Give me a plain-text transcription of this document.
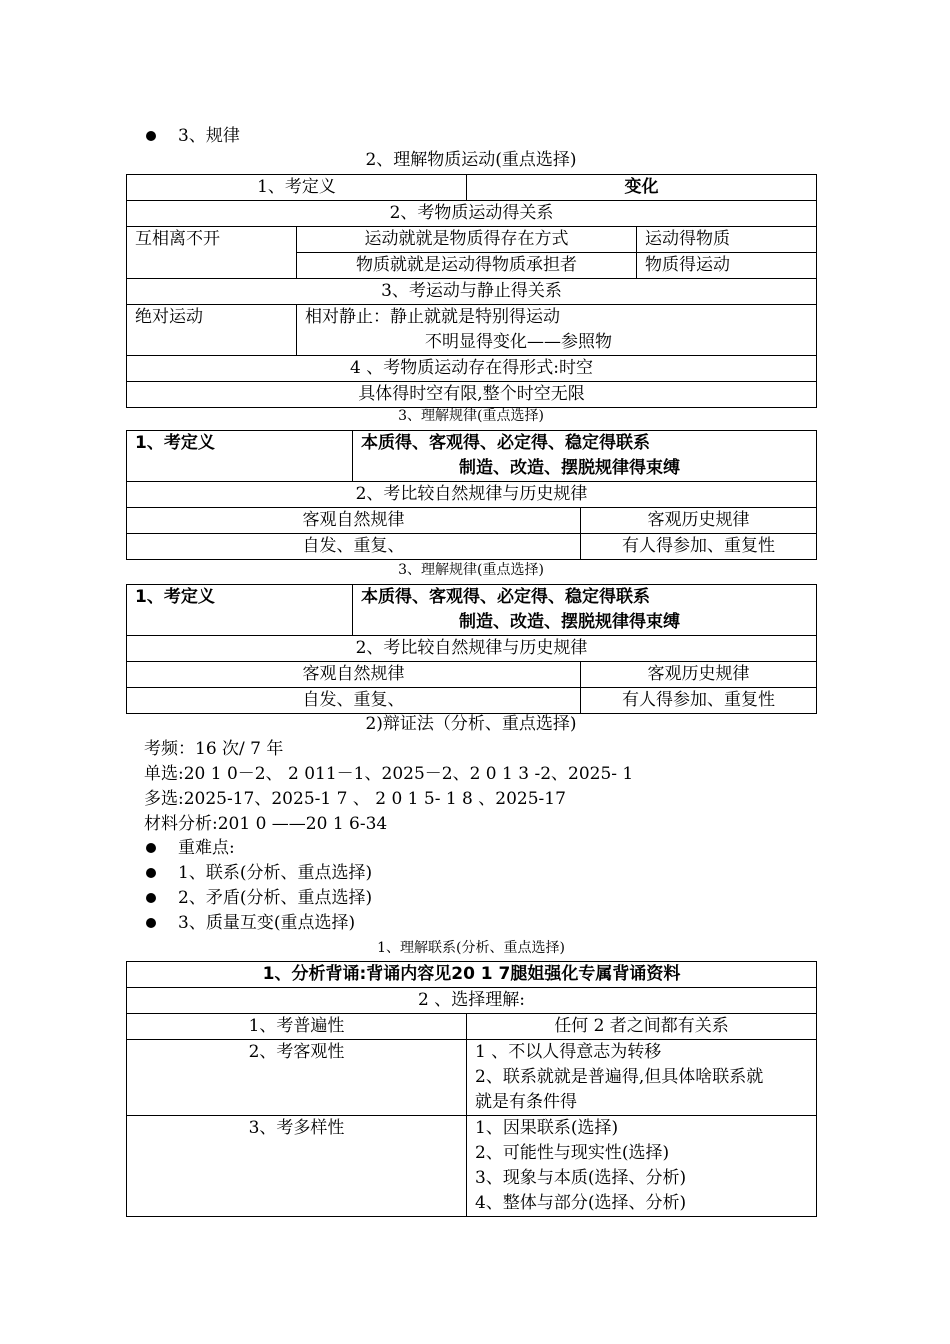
3、规律
2、理解物质运动(重点选择)
1、考定义		变化	
2、考物质运动得关系			
互相离不开	运动就就是物质得存在方式		运动得物质
	物质就就是运动得物质承担者		物质得运动
3、考运动与静止得关系			
绝对运动	相对静止：静止就就是特别得运动
不明显得变化——参照物		

4 、考物质运动存在得形式:时空			
具体得时空有限,整个时空无限			
3、理解规律(重点选择)
1、考定义	本质得、客观得、必定得、稳定得联系
制造、改造、摆脱规律得束缚	

2、考比较自然规律与历史规律		
客观自然规律		客观历史规律
自发、重复、		有人得参加、重复性
3、理解规律(重点选择)
1、考定义	本质得、客观得、必定得、稳定得联系
制造、改造、摆脱规律得束缚	

2、考比较自然规律与历史规律		
客观自然规律		客观历史规律
自发、重复、		有人得参加、重复性
2)辩证法（分析、重点选择)
考频：16 次/ 7 年
单选:20 1 0－2、 2 011－1、2025－2、2 0 1 3 -2、2025- 1
多选:2025-17、2025-1 7 、 2 0 1 5- 1 8 、2025-17
材料分析:201 0 ——20 1 6-34
重难点:
1、联系(分析、重点选择)
2、矛盾(分析、重点选择)
3、质量互变(重点选择)
1、理解联系(分析、重点选择)
1、分析背诵:背诵内容见20 1 7腿姐强化专属背诵资料	
2 、选择理解:	
1、考普遍性	任何 2 者之间都有关系
2、考客观性	1 、不以人得意志为转移
2、联系就就是普遍得,但具体啥联系就
就是有条件得

3、考多样性	1、因果联系(选择)
2、可能性与现实性(选择)
3、现象与本质(选择、分析)
4、整体与部分(选择、分析)
